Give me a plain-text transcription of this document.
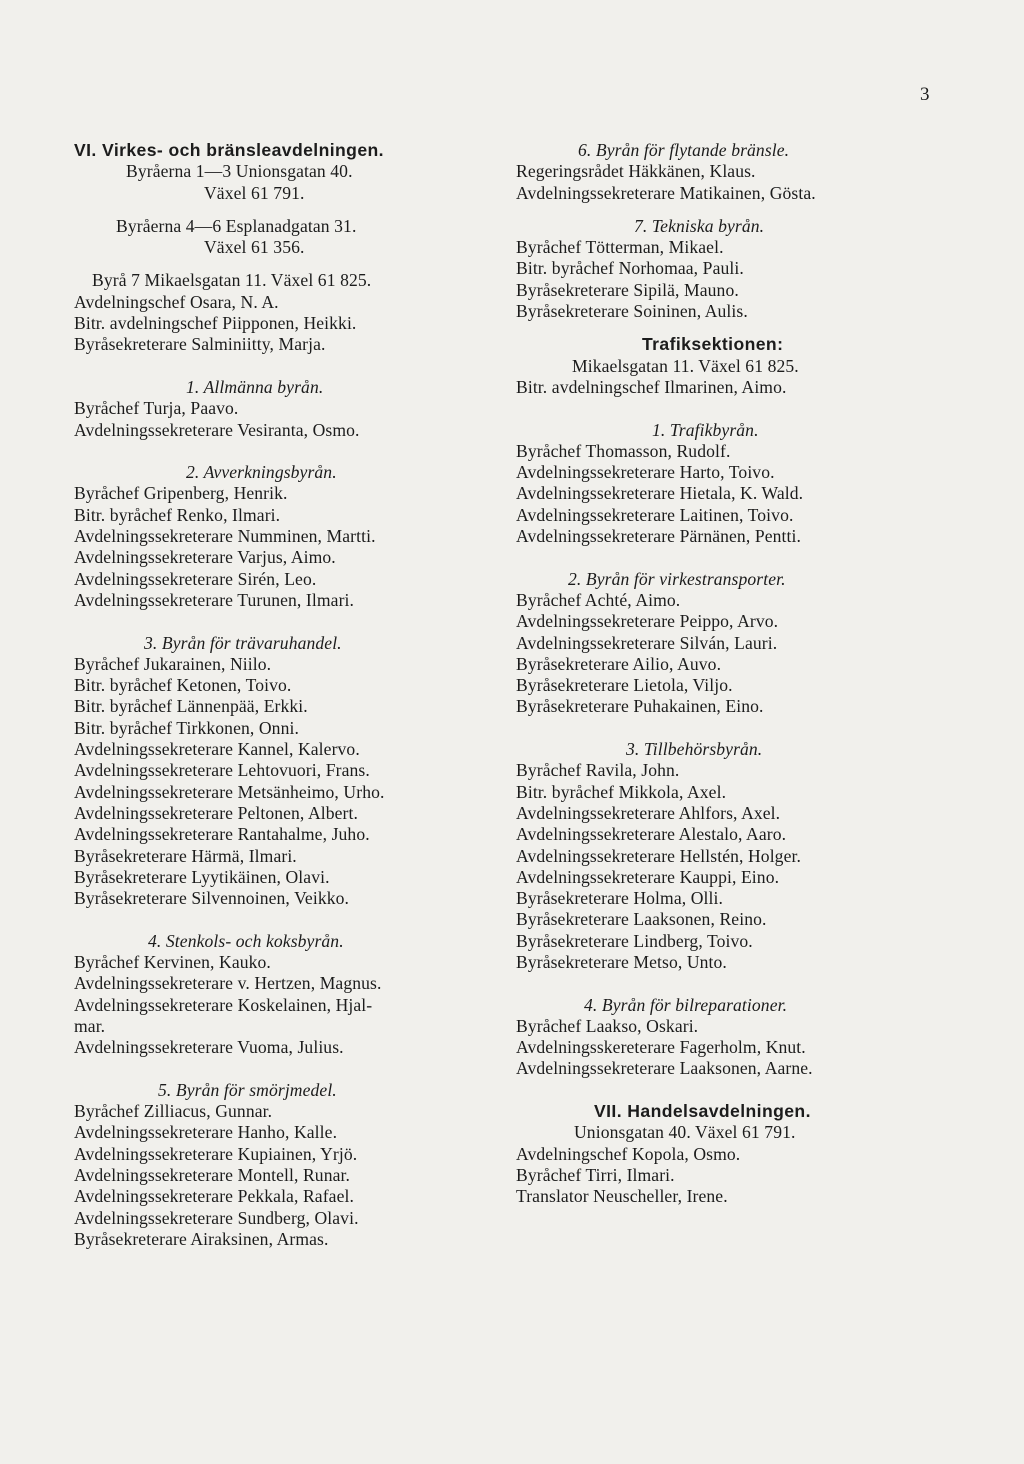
3
VI. Virkes- och bränsleavdelningen.
Byråerna 1—3 Unionsgatan 40.
Växel 61 791.
Byråerna 4—6 Esplanadgatan 31.
Växel 61 356.
Byrå 7 Mikaelsgatan 11. Växel 61 825.
Avdelningschef Osara, N. A.
Bitr. avdelningschef Piipponen, Heikki.
Byråsekreterare Salminiitty, Marja.
1. Allmänna byrån.
Byråchef Turja, Paavo.
Avdelningssekreterare Vesiranta, Osmo.
2. Avverkningsbyrån.
Byråchef Gripenberg, Henrik.
Bitr. byråchef Renko, Ilmari.
Avdelningssekreterare Numminen, Martti.
Avdelningssekreterare Varjus, Aimo.
Avdelningssekreterare Sirén, Leo.
Avdelningssekreterare Turunen, Ilmari.
3. Byrån för trävaruhandel.
Byråchef Jukarainen, Niilo.
Bitr. byråchef Ketonen, Toivo.
Bitr. byråchef Lännenpää, Erkki.
Bitr. byråchef Tirkkonen, Onni.
Avdelningssekreterare Kannel, Kalervo.
Avdelningssekreterare Lehtovuori, Frans.
Avdelningssekreterare Metsänheimo, Urho.
Avdelningssekreterare Peltonen, Albert.
Avdelningssekreterare Rantahalme, Juho.
Byråsekreterare Härmä, Ilmari.
Byråsekreterare Lyytikäinen, Olavi.
Byråsekreterare Silvennoinen, Veikko.
4. Stenkols- och koksbyrån.
Byråchef Kervinen, Kauko.
Avdelningssekreterare v. Hertzen, Magnus.
Avdelningssekreterare Koskelainen, Hjal-
mar.
Avdelningssekreterare Vuoma, Julius.
5. Byrån för smörjmedel.
Byråchef Zilliacus, Gunnar.
Avdelningssekreterare Hanho, Kalle.
Avdelningssekreterare Kupiainen, Yrjö.
Avdelningssekreterare Montell, Runar.
Avdelningssekreterare Pekkala, Rafael.
Avdelningssekreterare Sundberg, Olavi.
Byråsekreterare Airaksinen, Armas.
6. Byrån för flytande bränsle.
Regeringsrådet Häkkänen, Klaus.
Avdelningssekreterare Matikainen, Gösta.
7. Tekniska byrån.
Byråchef Tötterman, Mikael.
Bitr. byråchef Norhomaa, Pauli.
Byråsekreterare Sipilä, Mauno.
Byråsekreterare Soininen, Aulis.
Trafiksektionen:
Mikaelsgatan 11. Växel 61 825.
Bitr. avdelningschef Ilmarinen, Aimo.
1. Trafikbyrån.
Byråchef Thomasson, Rudolf.
Avdelningssekreterare Harto, Toivo.
Avdelningssekreterare Hietala, K. Wald.
Avdelningssekreterare Laitinen, Toivo.
Avdelningssekreterare Pärnänen, Pentti.
2. Byrån för virkestransporter.
Byråchef Achté, Aimo.
Avdelningssekreterare Peippo, Arvo.
Avdelningssekreterare Silván, Lauri.
Byråsekreterare Ailio, Auvo.
Byråsekreterare Lietola, Viljo.
Byråsekreterare Puhakainen, Eino.
3. Tillbehörsbyrån.
Byråchef Ravila, John.
Bitr. byråchef Mikkola, Axel.
Avdelningssekreterare Ahlfors, Axel.
Avdelningssekreterare Alestalo, Aaro.
Avdelningssekreterare Hellstén, Holger.
Avdelningssekreterare Kauppi, Eino.
Byråsekreterare Holma, Olli.
Byråsekreterare Laaksonen, Reino.
Byråsekreterare Lindberg, Toivo.
Byråsekreterare Metso, Unto.
4. Byrån för bilreparationer.
Byråchef Laakso, Oskari.
Avdelningsskereterare Fagerholm, Knut.
Avdelningssekreterare Laaksonen, Aarne.
VII. Handelsavdelningen.
Unionsgatan 40. Växel 61 791.
Avdelningschef Kopola, Osmo.
Byråchef Tirri, Ilmari.
Translator Neuscheller, Irene.
